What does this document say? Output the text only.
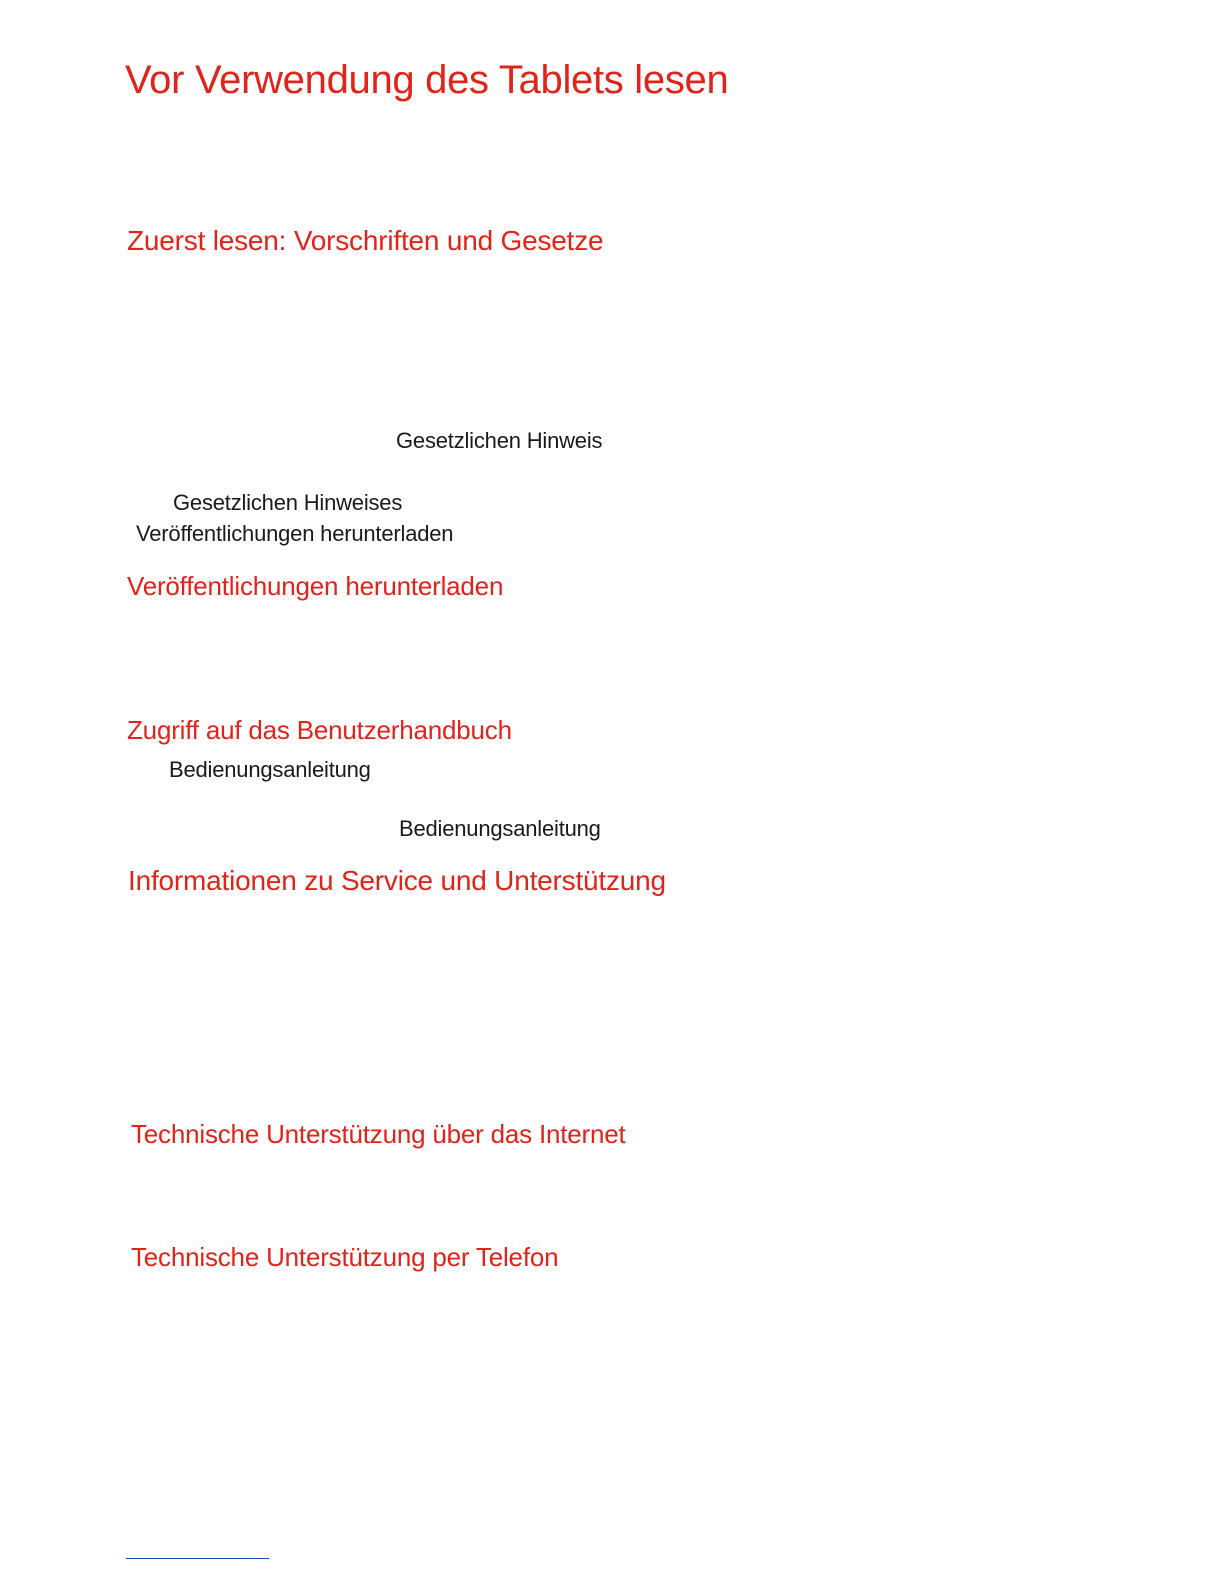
Vor Verwendung des Tablets lesen
Zuerst lesen: Vorschriften und Gesetze
Gesetzlichen Hinweis
Gesetzlichen Hinweises
Veröffentlichungen herunterladen
Veröffentlichungen herunterladen
Zugriff auf das Benutzerhandbuch
Bedienungsanleitung
Bedienungsanleitung
Informationen zu Service und Unterstützung
Technische Unterstützung über das Internet
Technische Unterstützung per Telefon
